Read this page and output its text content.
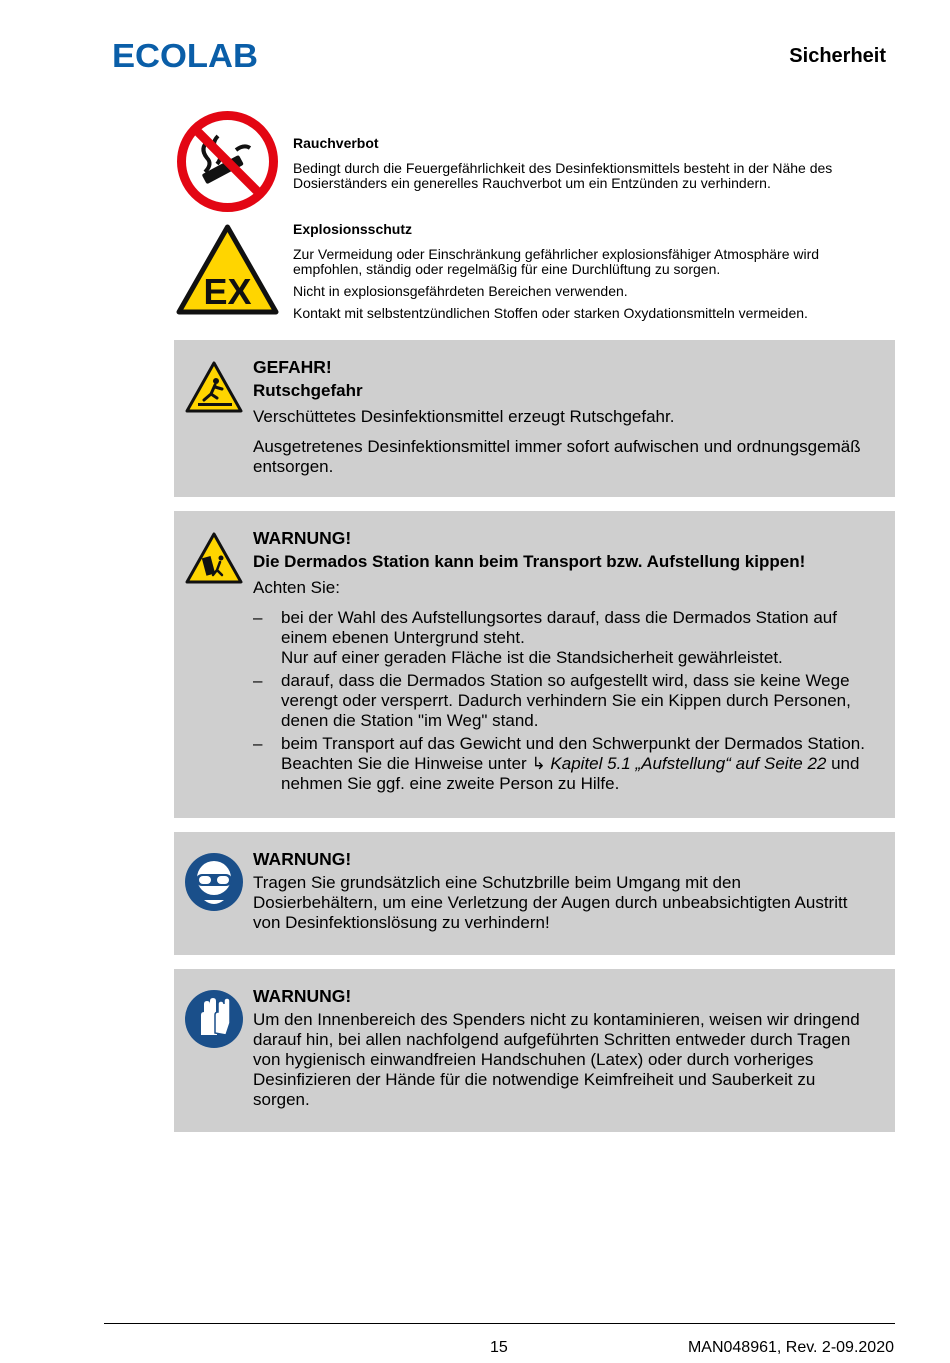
ECOLAB	Sicherheit
Rauchverbot

Bedingt durch die Feuergefährlichkeit des Desinfektionsmittels besteht in der Nähe des Dosierständers ein generelles Rauchverbot um ein Entzünden zu verhindern.

EX
Explosionsschutz

Zur Vermeidung oder Einschränkung gefährlicher explosionsfähiger Atmosphäre wird empfohlen, ständig oder regelmäßig für eine Durchlüftung zu sorgen.

Nicht in explosionsgefährdeten Bereichen verwenden.

Kontakt mit selbstentzündlichen Stoffen oder starken Oxydationsmitteln vermeiden.

GEFAHR!
Rutschgefahr

Verschüttetes Desinfektionsmittel erzeugt Rutschgefahr.

Ausgetretenes Desinfektionsmittel immer sofort aufwischen und ordnungsgemäß entsorgen.

WARNUNG!
Die Dermados Station kann beim Transport bzw. Aufstellung kippen!

Achten Sie:

– bei der Wahl des Aufstellungsortes darauf, dass die Dermados Station auf einem ebenen Untergrund steht.
Nur auf einer geraden Fläche ist die Standsicherheit gewährleistet.
– darauf, dass die Dermados Station so aufgestellt wird, dass sie keine Wege verengt oder versperrt. Dadurch verhindern Sie ein Kippen durch Personen, denen die Station "im Weg" stand.
– beim Transport auf das Gewicht und den Schwerpunkt der Dermados Station. Beachten Sie die Hinweise unter ↳ Kapitel 5.1 „Aufstellung“ auf Seite 22 und nehmen Sie ggf. eine zweite Person zu Hilfe.
WARNUNG!

Tragen Sie grundsätzlich eine Schutzbrille beim Umgang mit den Dosierbehältern, um eine Verletzung der Augen durch unbeabsichtigten Austritt von Desinfektionslösung zu verhindern!

WARNUNG!

Um den Innenbereich des Spenders nicht zu kontaminieren, weisen wir dringend darauf hin, bei allen nachfolgend aufgeführten Schritten entweder durch Tragen von hygienisch einwandfreien Handschuhen (Latex) oder durch vorheriges Desinfizieren der Hände für die notwendige Keimfreiheit und Sauberkeit zu sorgen.

15	MAN048961, Rev. 2-09.2020
